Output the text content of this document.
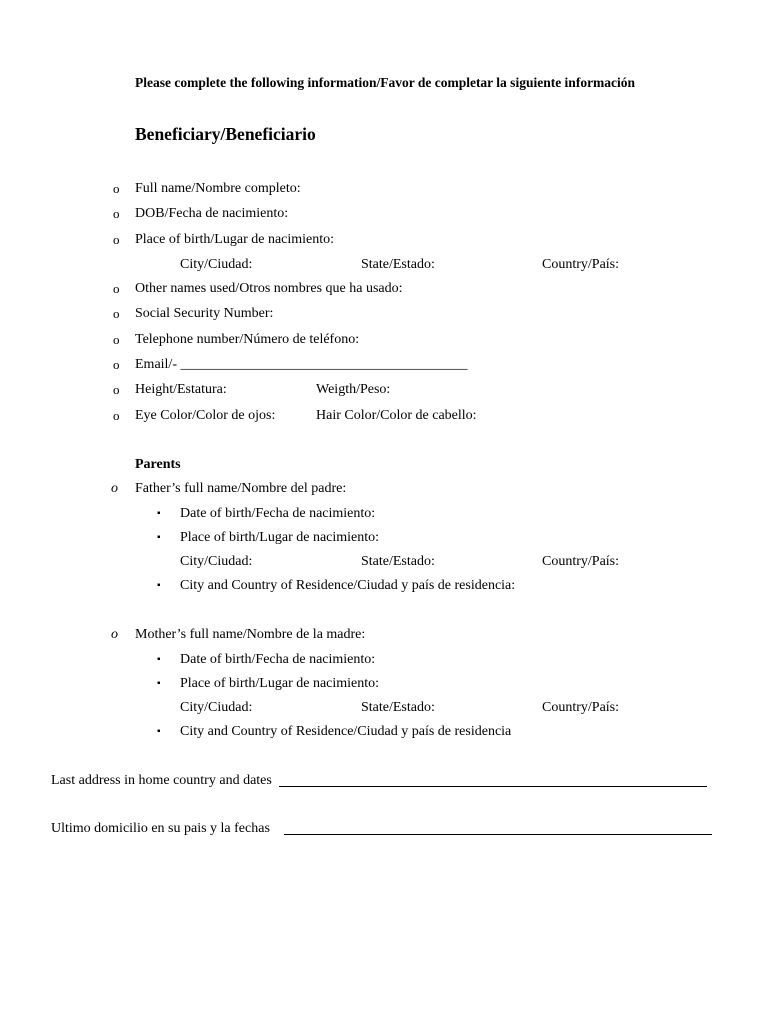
Please complete the following information/Favor de completar la siguiente información
Beneficiary/Beneficiario
o	Full name/Nombre completo:
o	DOB/Fecha de nacimiento:
o	Place of birth/Lugar de nacimiento:
City/Ciudad:	State/Estado:	Country/País:
o	Other names used/Otros nombres que ha usado:
o	Social Security Number:
o	Telephone number/Número de teléfono:
o	Email/- _________________________________________
o	Height/Estatura:	Weigth/Peso:
o	Eye Color/Color de ojos:	Hair Color/Color de cabello:
Parents
o	Father’s full name/Nombre del padre:
▪	Date of birth/Fecha de nacimiento:
▪	Place of birth/Lugar de nacimiento:
City/Ciudad:	State/Estado:	Country/País:
▪	City and Country of Residence/Ciudad y país de residencia:
o	Mother’s full name/Nombre de la madre:
▪	Date of birth/Fecha de nacimiento:
▪	Place of birth/Lugar de nacimiento:
City/Ciudad:	State/Estado:	Country/País:
▪	City and Country of Residence/Ciudad y país de residencia
Last address in home country and dates
Ultimo domicilio en su pais y la fechas
